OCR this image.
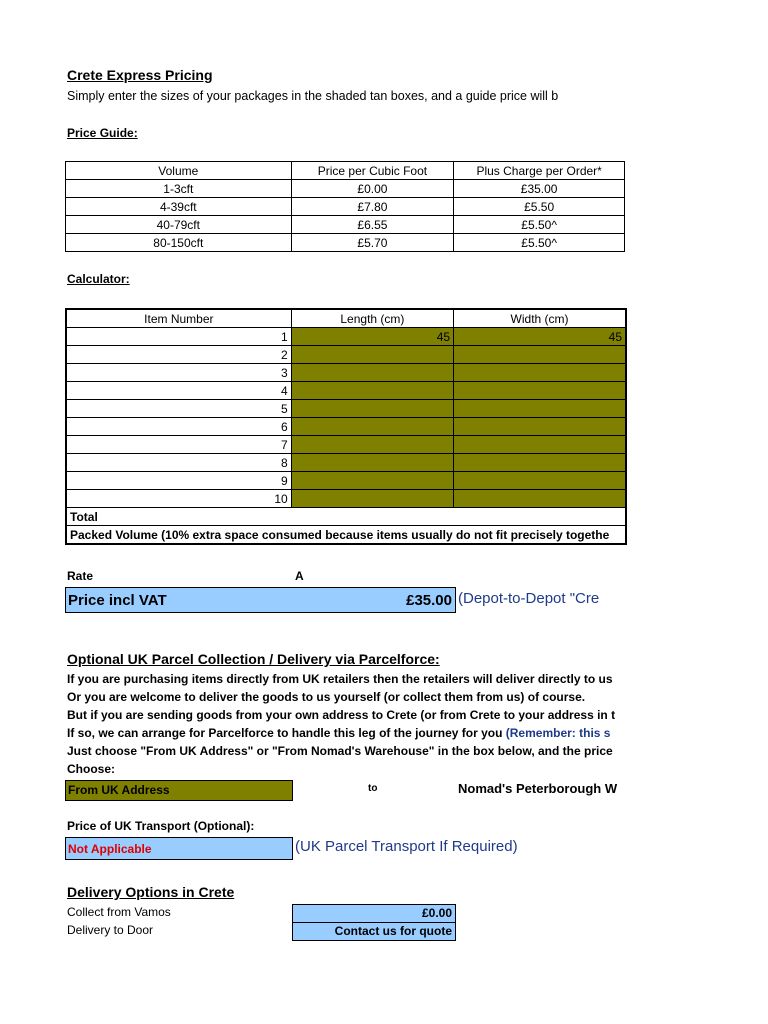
Crete Express Pricing
Simply enter the sizes of your packages in the shaded tan boxes, and a guide price will b
Price Guide:
Volume	Price per Cubic Foot	Plus Charge per Order*
1-3cft	£0.00	£35.00
4-39cft	£7.80	£5.50
40-79cft	£6.55	£5.50^
80-150cft	£5.70	£5.50^
Calculator:
Item Number	Length (cm)	Width (cm)
1	45	45
2		
3		
4		
5		
6		
7		
8		
9		
10		
Total		
Packed Volume (10% extra space consumed because items usually do not fit precisely togethe		
Rate	A
Price incl VAT	£35.00 (Depot-to-Depot "Cre
Optional UK Parcel Collection / Delivery via Parcelforce:
If you are purchasing items directly from UK retailers then the retailers will deliver directly to us
Or you are welcome to deliver the goods to us yourself (or collect them from us) of course.
But if you are sending goods from your own address to Crete (or from Crete to your address in t
If so, we can arrange for Parcelforce to handle this leg of the journey for you (Remember: this s
Just choose "From UK Address" or "From Nomad's Warehouse" in the box below, and the price
Choose:
From UK Address	to	Nomad's Peterborough W
Price of UK Transport (Optional):
Not Applicable	(UK Parcel Transport If Required)
Delivery Options in Crete
Collect from Vamos	£0.00
Delivery to Door	Contact us for quote
